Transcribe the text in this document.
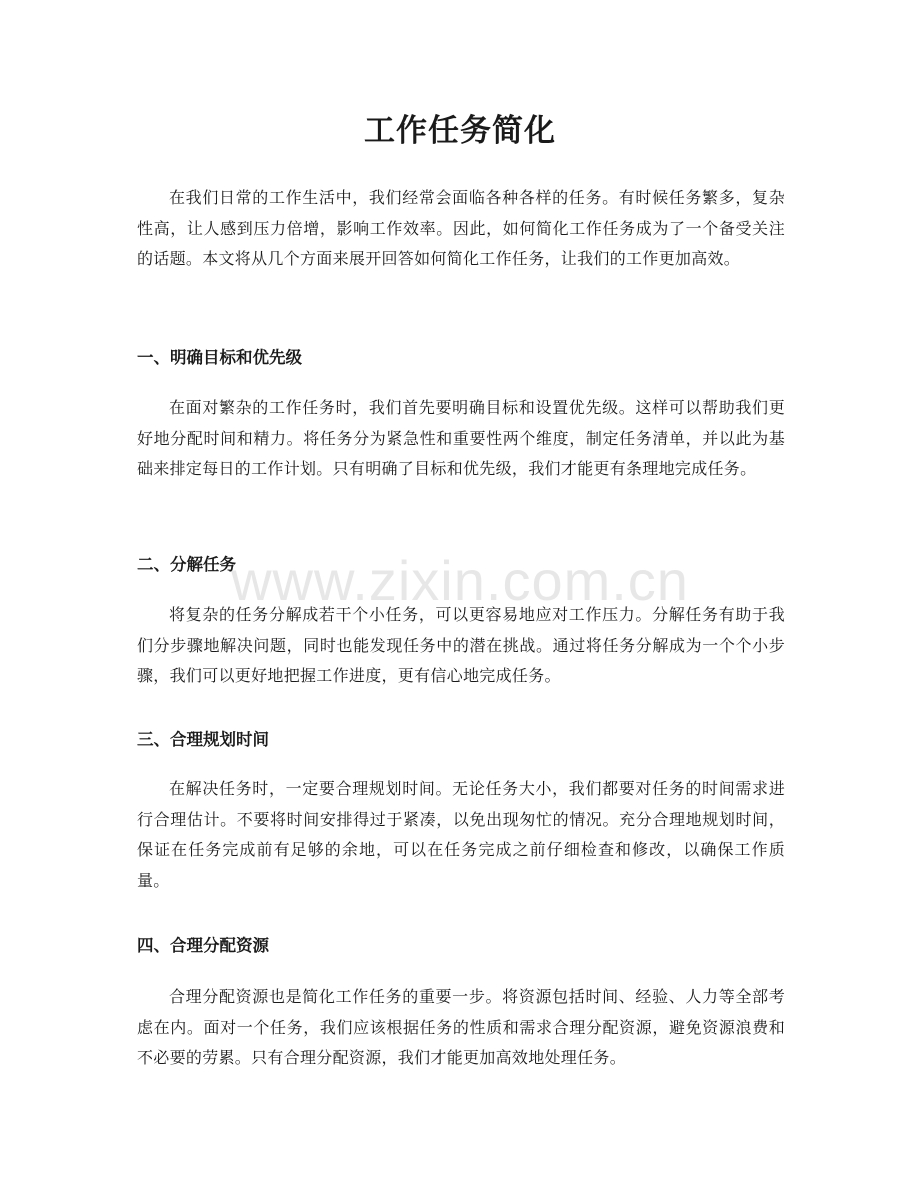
工作任务简化

在我们日常的工作生活中，我们经常会面临各种各样的任务。有时候任务繁多，复杂性高，让人感到压力倍增，影响工作效率。因此，如何简化工作任务成为了一个备受关注的话题。本文将从几个方面来展开回答如何简化工作任务，让我们的工作更加高效。

一、明确目标和优先级

在面对繁杂的工作任务时，我们首先要明确目标和设置优先级。这样可以帮助我们更好地分配时间和精力。将任务分为紧急性和重要性两个维度，制定任务清单，并以此为基础来排定每日的工作计划。只有明确了目标和优先级，我们才能更有条理地完成任务。

二、分解任务

将复杂的任务分解成若干个小任务，可以更容易地应对工作压力。分解任务有助于我们分步骤地解决问题，同时也能发现任务中的潜在挑战。通过将任务分解成为一个个小步骤，我们可以更好地把握工作进度，更有信心地完成任务。

三、合理规划时间

在解决任务时，一定要合理规划时间。无论任务大小，我们都要对任务的时间需求进行合理估计。不要将时间安排得过于紧凑，以免出现匆忙的情况。充分合理地规划时间，保证在任务完成前有足够的余地，可以在任务完成之前仔细检查和修改，以确保工作质量。

四、合理分配资源

合理分配资源也是简化工作任务的重要一步。将资源包括时间、经验、人力等全部考虑在内。面对一个任务，我们应该根据任务的性质和需求合理分配资源，避免资源浪费和不必要的劳累。只有合理分配资源，我们才能更加高效地处理任务。

www.zixin.com.cn
